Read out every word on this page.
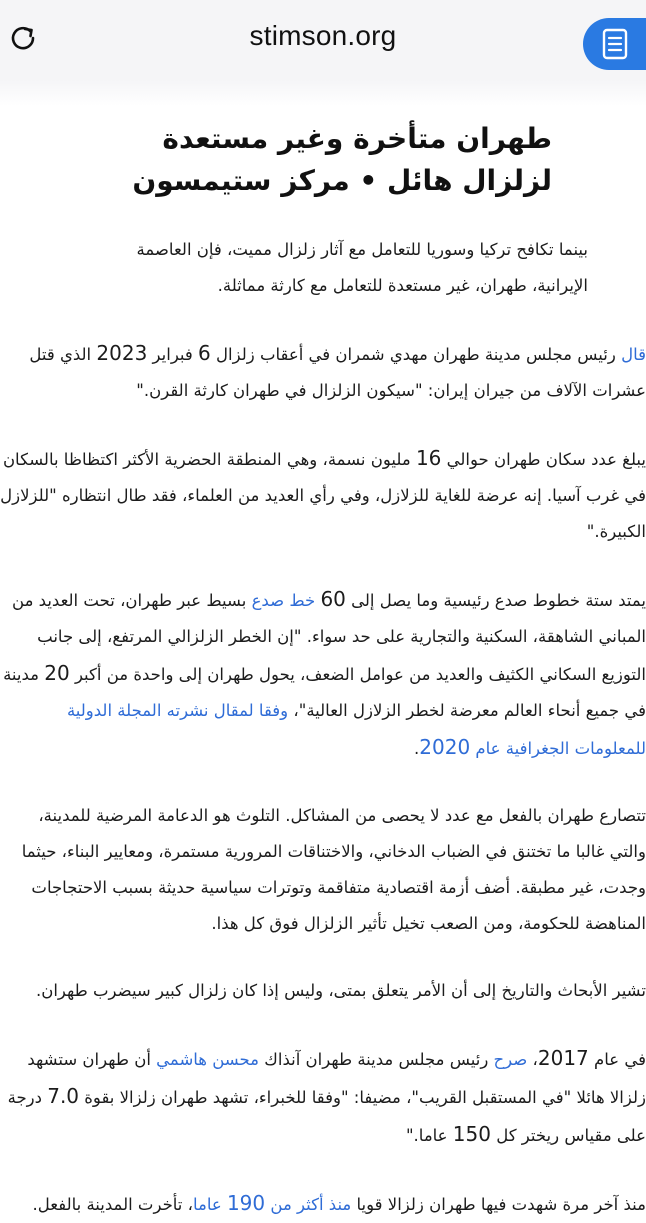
stimson.org
طهران متأخرة وغير مستعدة لزلزال هائل • مركز ستيمسون

بينما تكافح تركيا وسوريا للتعامل مع آثار زلزال مميت، فإن العاصمة الإيرانية، طهران، غير مستعدة للتعامل مع كارثة مماثلة.

قال رئيس مجلس مدينة طهران مهدي شمران في أعقاب زلزال 6 فبراير 2023 الذي قتل عشرات الآلاف من جيران إيران: "سيكون الزلزال في طهران كارثة القرن."

يبلغ عدد سكان طهران حوالي 16 مليون نسمة، وهي المنطقة الحضرية الأكثر اكتظاظا بالسكان في غرب آسيا. إنه عرضة للغاية للزلازل، وفي رأي العديد من العلماء، فقد طال انتظاره "للزلازل الكبيرة."

يمتد ستة خطوط صدع رئيسية وما يصل إلى 60 خط صدع بسيط عبر طهران، تحت العديد من المباني الشاهقة، السكنية والتجارية على حد سواء. "إن الخطر الزلزالي المرتفع، إلى جانب التوزيع السكاني الكثيف والعديد من عوامل الضعف، يحول طهران إلى واحدة من أكبر 20 مدينة في جميع أنحاء العالم معرضة لخطر الزلازل العالية"، وفقا لمقال نشرته المجلة الدولية للمعلومات الجغرافية عام 2020.

تتصارع طهران بالفعل مع عدد لا يحصى من المشاكل. التلوث هو الدعامة المرضية للمدينة، والتي غالبا ما تختنق في الضباب الدخاني، والاختناقات المرورية مستمرة، ومعايير البناء، حيثما وجدت، غير مطبقة. أضف أزمة اقتصادية متفاقمة وتوترات سياسية حديثة بسبب الاحتجاجات المناهضة للحكومة، ومن الصعب تخيل تأثير الزلزال فوق كل هذا.

تشير الأبحاث والتاريخ إلى أن الأمر يتعلق بمتى، وليس إذا كان زلزال كبير سيضرب طهران.

في عام 2017، صرح رئيس مجلس مدينة طهران آنذاك محسن هاشمي أن طهران ستشهد زلزالا هائلا "في المستقبل القريب"، مضيفا: "وفقا للخبراء، تشهد طهران زلزالا بقوة 7.0 درجة على مقياس ريختر كل 150 عاما."

منذ آخر مرة شهدت فيها طهران زلزالا قويا منذ أكثر من 190 عاما، تأخرت المدينة بالفعل.
